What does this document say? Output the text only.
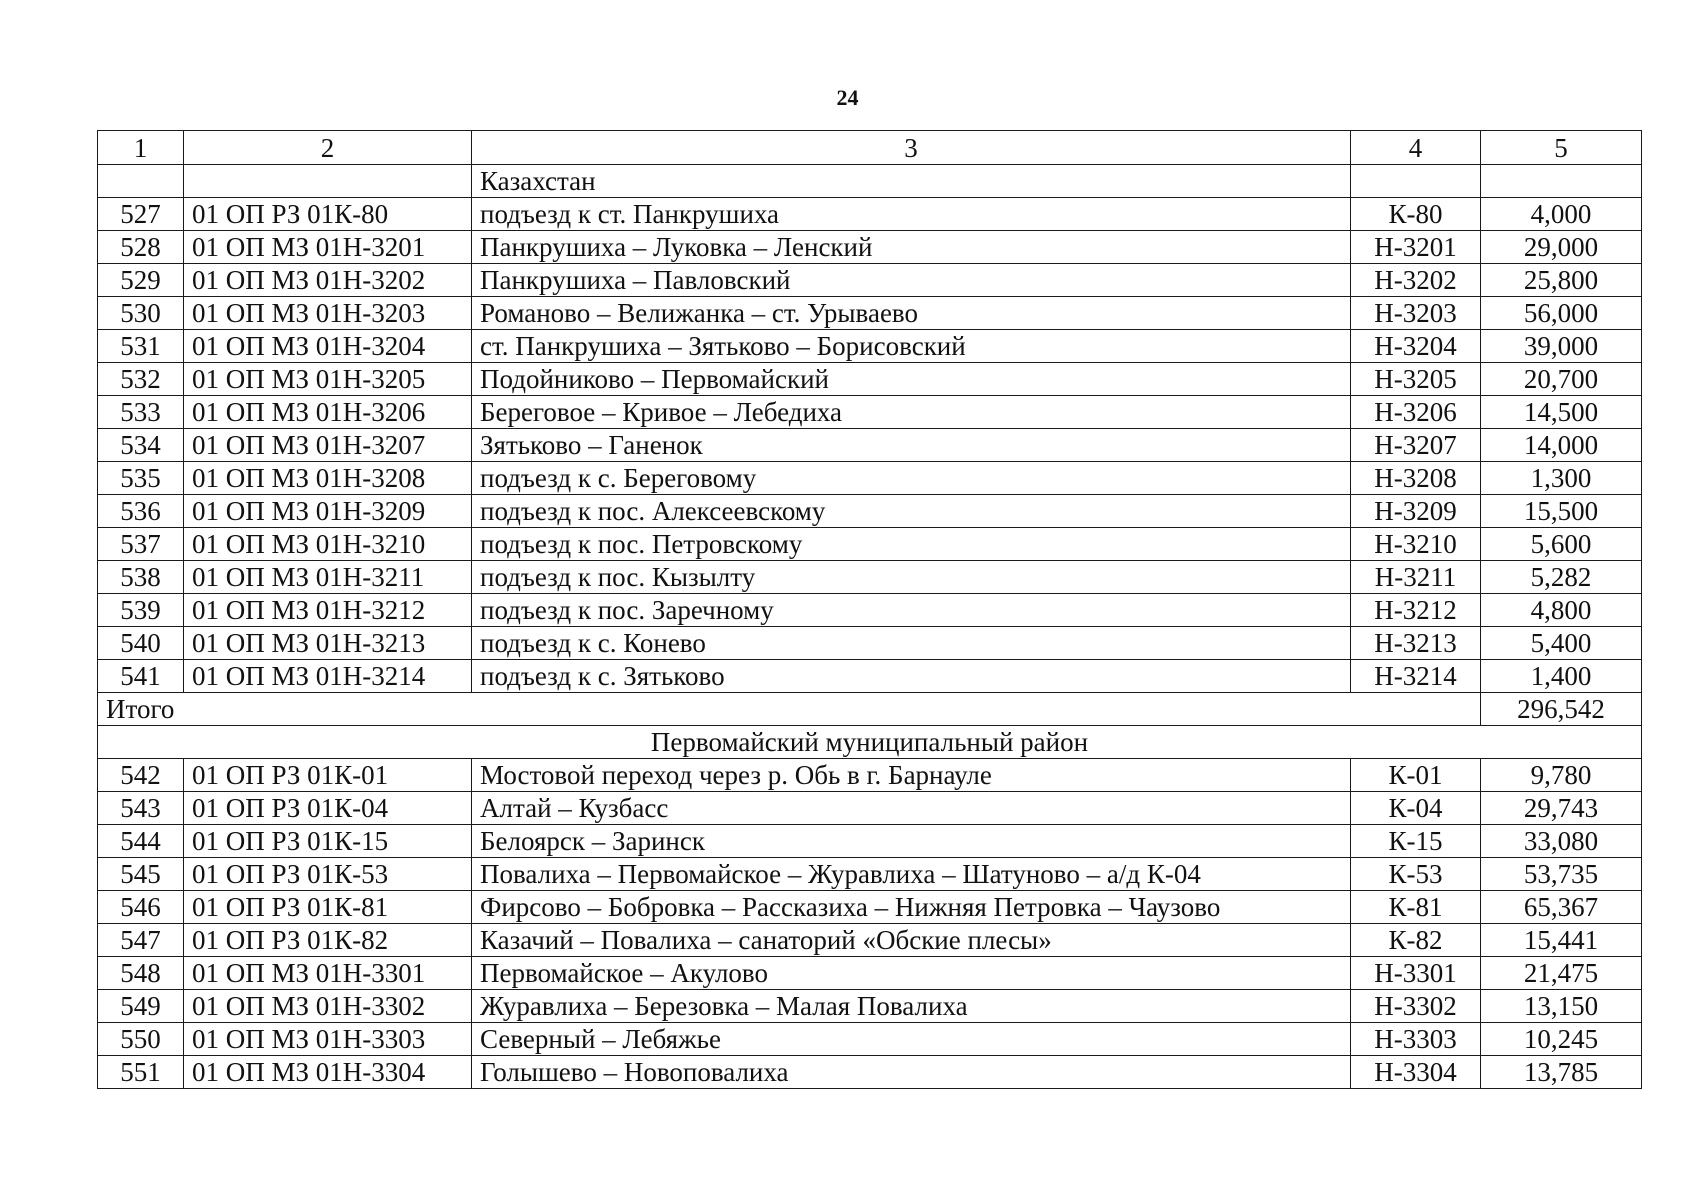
24
1	2	3	4	5
		Казахстан		
527	01 ОП РЗ 01К-80	подъезд к ст. Панкрушиха	К-80	4,000
528	01 ОП МЗ 01Н-3201	Панкрушиха – Луковка – Ленский	Н-3201	29,000
529	01 ОП МЗ 01Н-3202	Панкрушиха – Павловский	Н-3202	25,800
530	01 ОП МЗ 01Н-3203	Романово – Велижанка – ст. Урываево	Н-3203	56,000
531	01 ОП МЗ 01Н-3204	ст. Панкрушиха – Зятьково – Борисовский	Н-3204	39,000
532	01 ОП МЗ 01Н-3205	Подойниково – Первомайский	Н-3205	20,700
533	01 ОП МЗ 01Н-3206	Береговое – Кривое – Лебедиха	Н-3206	14,500
534	01 ОП МЗ 01Н-3207	Зятьково – Ганенок	Н-3207	14,000
535	01 ОП МЗ 01Н-3208	подъезд к с. Береговому	Н-3208	1,300
536	01 ОП МЗ 01Н-3209	подъезд к пос. Алексеевскому	Н-3209	15,500
537	01 ОП МЗ 01Н-3210	подъезд к пос. Петровскому	Н-3210	5,600
538	01 ОП МЗ 01Н-3211	подъезд к пос. Кызылту	Н-3211	5,282
539	01 ОП МЗ 01Н-3212	подъезд к пос. Заречному	Н-3212	4,800
540	01 ОП МЗ 01Н-3213	подъезд к с. Конево	Н-3213	5,400
541	01 ОП МЗ 01Н-3214	подъезд к с. Зятьково	Н-3214	1,400
Итого				296,542
Первомайский муниципальный район				
542	01 ОП РЗ 01К-01	Мостовой переход через р. Обь в г. Барнауле	К-01	9,780
543	01 ОП РЗ 01К-04	Алтай – Кузбасс	К-04	29,743
544	01 ОП РЗ 01К-15	Белоярск – Заринск	К-15	33,080
545	01 ОП РЗ 01К-53	Повалиха – Первомайское – Журавлиха – Шатуново – а/д К-04	К-53	53,735
546	01 ОП РЗ 01К-81	Фирсово – Бобровка – Рассказиха – Нижняя Петровка – Чаузово	К-81	65,367
547	01 ОП РЗ 01К-82	Казачий – Повалиха – санаторий «Обские плесы»	К-82	15,441
548	01 ОП МЗ 01Н-3301	Первомайское – Акулово	Н-3301	21,475
549	01 ОП МЗ 01Н-3302	Журавлиха – Березовка – Малая Повалиха	Н-3302	13,150
550	01 ОП МЗ 01Н-3303	Северный – Лебяжье	Н-3303	10,245
551	01 ОП МЗ 01Н-3304	Голышево – Новоповалиха	Н-3304	13,785
